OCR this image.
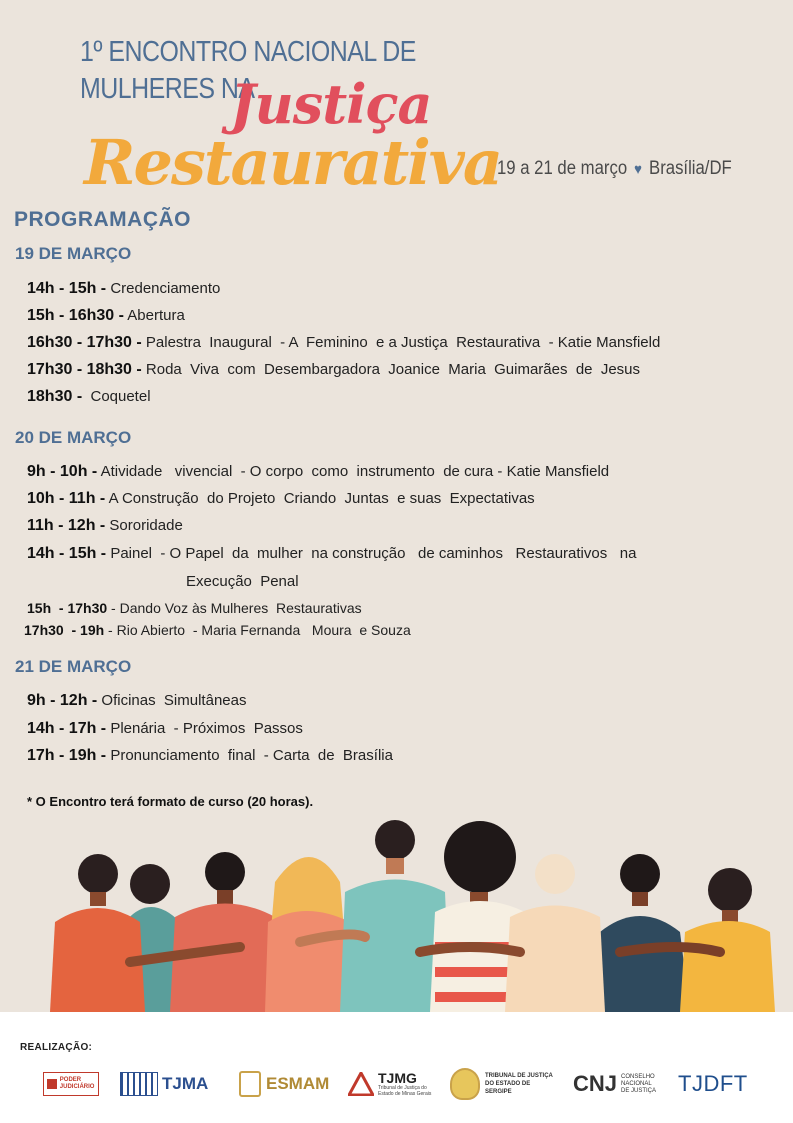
1º ENCONTRO NACIONAL DE
MULHERES NA
Justiça
Restaurativa
19 a 21 de março ♥ Brasília/DF
PROGRAMAÇÃO
19 DE MARÇO
14h - 15h - Credenciamento
15h - 16h30 - Abertura
16h30 - 17h30 - Palestra  Inaugural  - A  Feminino  e a Justiça  Restaurativa  - Katie Mansfield
17h30 - 18h30 - Roda  Viva  com  Desembargadora  Joanice  Maria  Guimarães  de  Jesus
18h30 -  Coquetel
20 DE MARÇO
9h - 10h - Atividade   vivencial  - O corpo  como  instrumento  de cura - Katie Mansfield
10h - 11h - A Construção  do Projeto  Criando  Juntas  e suas  Expectativas
11h - 12h - Sororidade
14h - 15h - Painel  - O Papel  da  mulher  na construção   de caminhos   Restaurativos   na
Execução  Penal
15h  - 17h30 - Dando Voz às Mulheres  Restaurativas
17h30  - 19h - Rio Abierto  - Maria Fernanda   Moura  e Souza
21 DE MARÇO
9h - 12h - Oficinas  Simultâneas
14h - 17h - Plenária  - Próximos  Passos
17h - 19h - Pronunciamento  final  - Carta  de  Brasília
* O Encontro terá formato de curso (20 horas).
REALIZAÇÃO:
PODER JUDICIÁRIO	TJMA	ESMAM	TJMG
Tribunal de Justiça do Estado de Minas Gerais
TRIBUNAL DE JUSTIÇA DO ESTADO DE SERGIPE	CNJ CONSELHO NACIONAL DE JUSTIÇA TJDFT
